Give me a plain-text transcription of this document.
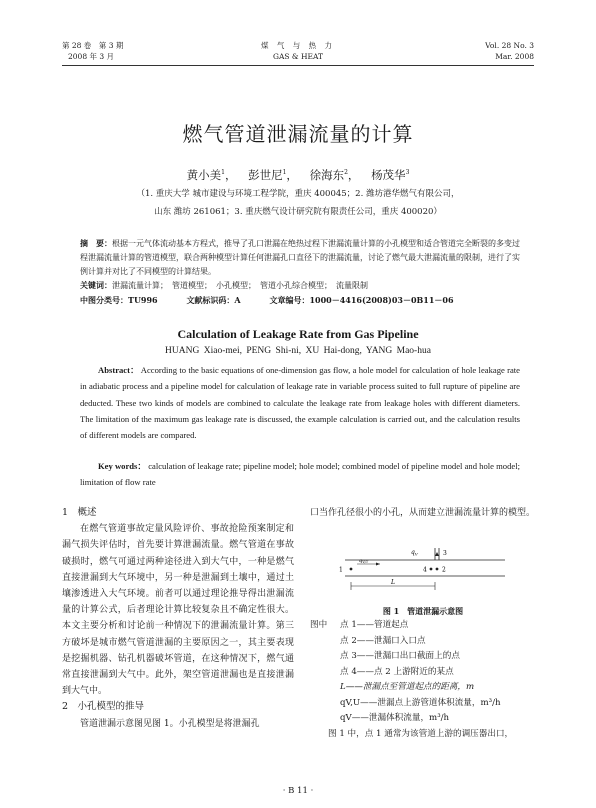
第 28 卷　第 3 期
2008 年 3 月
煤 气 与 热 力
GAS & HEAT
Vol. 28 No. 3
Mar. 2008
燃气管道泄漏流量的计算
黄小美$^1$， 彭世尼$^1$， 徐海东$^2$， 杨茂华$^3$
（1. 重庆大学 城市建设与环境工程学院，重庆 400045；2. 潍坊港华燃气有限公司，
山东 潍坊 261061；3. 重庆燃气设计研究院有限责任公司，重庆 400020）
摘　要：根据一元气体流动基本方程式，推导了孔口泄漏在绝热过程下泄漏流量计算的小孔模型和适合管道完全断裂的多变过程泄漏流量计算的管道模型，联合两种模型计算任何泄漏孔口直径下的泄漏流量，讨论了燃气最大泄漏流量的限制，进行了实例计算并对比了不同模型的计算结果。
关键词：泄漏流量计算；　管道模型；　小孔模型；　管道小孔综合模型；　流量限制
中图分类号：TU996	文献标识码：A	文章编号：1000－4416(2008)03－0B11－06
Calculation of Leakage Rate from Gas Pipeline
HUANG Xiao-mei, PENG Shi-ni, XU Hai-dong, YANG Mao-hua
Abstract： According to the basic equations of one-dimension gas flow, a hole model for calculation of hole leakage rate in adiabatic process and a pipeline model for calculation of leakage rate in variable process suited to full rupture of pipeline are deducted. These two kinds of models are combined to calculate the leakage rate from leakage holes with different diameters. The limitation of the maximum gas leakage rate is discussed, the example calculation is carried out, and the calculation results of different models are compared.
Key words： calculation of leakage rate; pipeline model; hole model; combined model of pipeline model and hole model; limitation of flow rate
1　概述

在燃气管道事故定量风险评价、事故抢险预案制定和漏气损失评估时，首先要计算泄漏流量。燃气管道在事故破损时，燃气可通过两种途径进入到大气中，一种是燃气直接泄漏到大气环境中，另一种是泄漏到土壤中，通过土壤渗透进入大气环境。前者可以通过理论推导得出泄漏流量的计算公式，后者理论计算比较复杂且不确定性很大。本文主要分析和讨论前一种情况下的泄漏流量计算。第三方破坏是城市燃气管道泄漏的主要原因之一，其主要表现是挖掘机器、钻孔机器破坏管道，在这种情况下，燃气通常直接泄漏到大气中。此外，架空管道泄漏也是直接泄漏到大气中。

2　小孔模型的推导

管道泄漏示意图见图 1。小孔模型是将泄漏孔

口当作孔径很小的小孔，从而建立泄漏流量计算的模型。

$q_V$	3
1
$q_{V,U}$
4	2
L
图 1　管道泄漏示意图
图中 点 1——管道起点
点 2——泄漏口入口点
点 3——泄漏口出口截面上的点
点 4——点 2 上游附近的某点
L——泄漏点至管道起点的距离，m
qV,U——泄漏点上游管道体积流量，m³/h
qV——泄漏体积流量，m³/h
图 1 中，点 1 通常为该管道上游的调压器出口，
· B 11 ·
